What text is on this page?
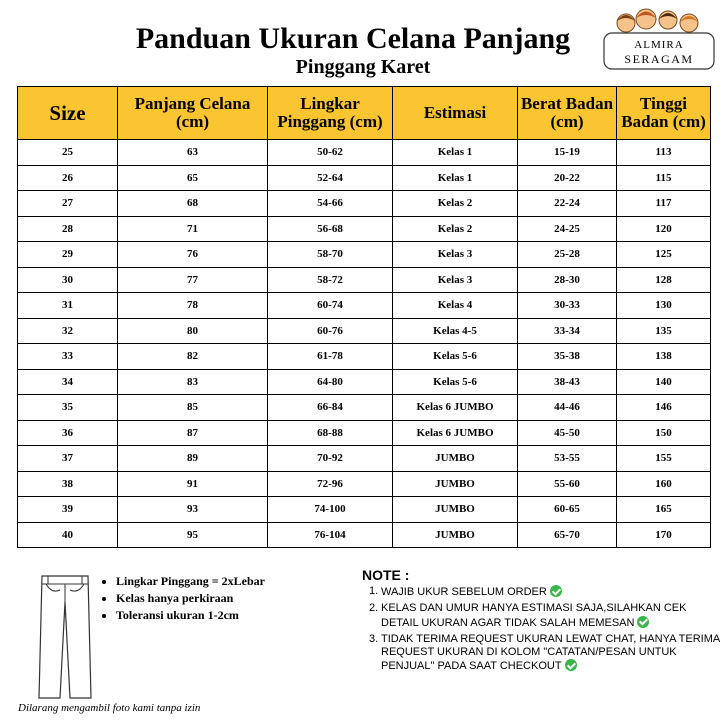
Panduan Ukuran Celana Panjang
Pinggang Karet
ALMIRA
SERAGAM
Size	Panjang Celana (cm)	Lingkar Pinggang (cm)	Estimasi	Berat Badan (cm)	Tinggi Badan (cm)
25	63	50-62	Kelas 1	15-19	113
26	65	52-64	Kelas 1	20-22	115
27	68	54-66	Kelas 2	22-24	117
28	71	56-68	Kelas 2	24-25	120
29	76	58-70	Kelas 3	25-28	125
30	77	58-72	Kelas 3	28-30	128
31	78	60-74	Kelas 4	30-33	130
32	80	60-76	Kelas 4-5	33-34	135
33	82	61-78	Kelas 5-6	35-38	138
34	83	64-80	Kelas 5-6	38-43	140
35	85	66-84	Kelas 6 JUMBO	44-46	146
36	87	68-88	Kelas 6 JUMBO	45-50	150
37	89	70-92	JUMBO	53-55	155
38	91	72-96	JUMBO	55-60	160
39	93	74-100	JUMBO	60-65	165
40	95	76-104	JUMBO	65-70	170
• Lingkar Pinggang = 2xLebar
• Kelas hanya perkiraan
• Toleransi ukuran 1-2cm
Dilarang mengambil foto kami tanpa izin
NOTE :
WAJIB UKUR SEBELUM ORDER
KELAS DAN UMUR HANYA ESTIMASI SAJA,SILAHKAN CEK DETAIL UKURAN AGAR TIDAK SALAH MEMESAN
TIDAK TERIMA REQUEST UKURAN LEWAT CHAT, HANYA TERIMA REQUEST UKURAN DI KOLOM "CATATAN/PESAN UNTUK PENJUAL" PADA SAAT CHECKOUT
